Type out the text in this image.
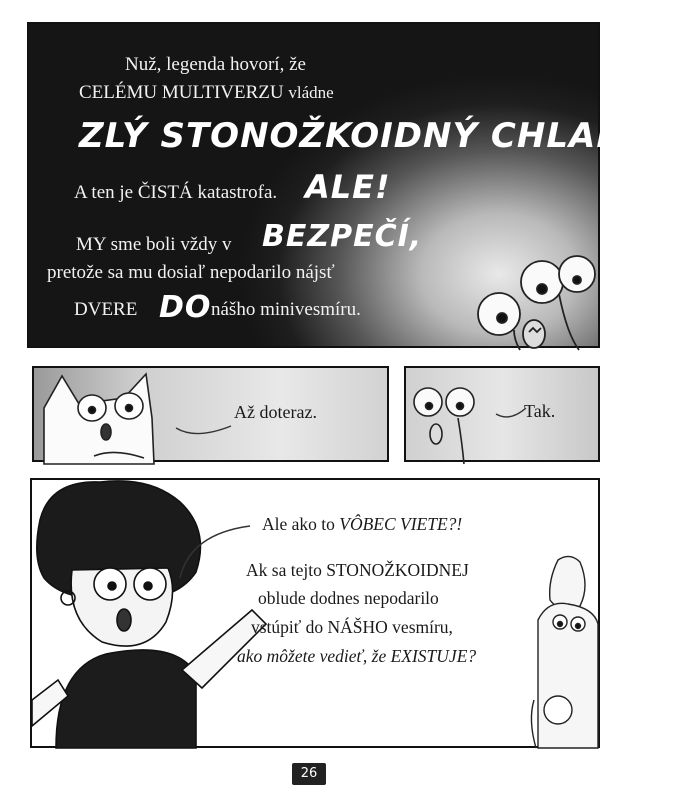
Nuž, legenda hovorí, že
CELÉMU MULTIVERZU vládne
ZLÝ STONOŽKOIDNÝ CHLAPÍK.
A ten je ČISTÁ katastrofa. ALE!
MY sme boli vždy v BEZPEČÍ,
pretože sa mu dosiaľ nepodarilo nájsť
DVERE DO nášho minivesmíru.
Až doteraz.	Tak.
Ale ako to VÔBEC VIETE?!
Ak sa tejto STONOŽKOIDNEJ
obludе dodnes nepodarilo
vstúpiť do NÁŠHO vesmíru,
ako môžete vedieť, že EXISTUJE?
26
